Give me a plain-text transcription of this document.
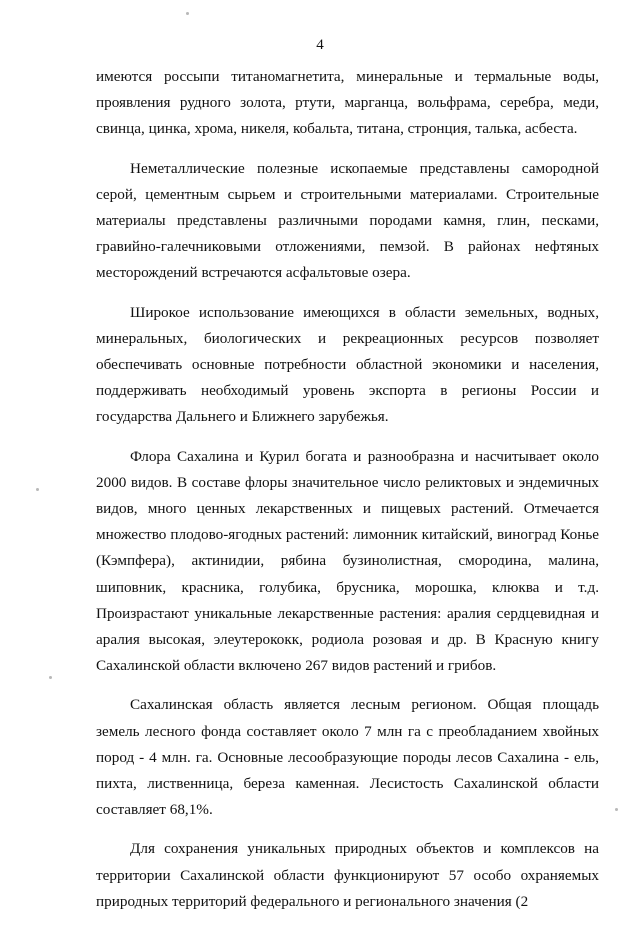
4

имеются россыпи титаномагнетита, минеральные и термальные воды, проявления рудного золота, ртути, марганца, вольфрама, серебра, меди, свинца, цинка, хрома, никеля, кобальта, титана, стронция, талька, асбеста.

Неметаллические полезные ископаемые представлены самородной серой, цементным сырьем и строительными материалами. Строительные материалы представлены различными породами камня, глин, песками, гравийно-галечниковыми отложениями, пемзой. В районах нефтяных месторождений встречаются асфальтовые озера.

Широкое использование имеющихся в области земельных, водных, минеральных, биологических и рекреационных ресурсов позволяет обеспечивать основные потребности областной экономики и населения, поддерживать необходимый уровень экспорта в регионы России и государства Дальнего и Ближнего зарубежья.

Флора Сахалина и Курил богата и разнообразна и насчитывает около 2000 видов. В составе флоры значительное число реликтовых и эндемичных видов, много ценных лекарственных и пищевых растений. Отмечается множество плодово-ягодных растений: лимонник китайский, виноград Конье (Кэмпфера), актинидии, рябина бузинолистная, смородина, малина, шиповник, красника, голубика, брусника, морошка, клюква и т.д. Произрастают уникальные лекарственные растения: аралия сердцевидная и аралия высокая, элеутерококк, родиола розовая и др. В Красную книгу Сахалинской области включено 267 видов растений и грибов.

Сахалинская область является лесным регионом. Общая площадь земель лесного фонда составляет около 7 млн га с преобладанием хвойных пород - 4 млн. га. Основные лесообразующие породы лесов Сахалина - ель, пихта, лиственница, береза каменная. Лесистость Сахалинской области составляет 68,1%.

Для сохранения уникальных природных объектов и комплексов на территории Сахалинской области функционируют 57 особо охраняемых природных территорий федерального и регионального значения (2
